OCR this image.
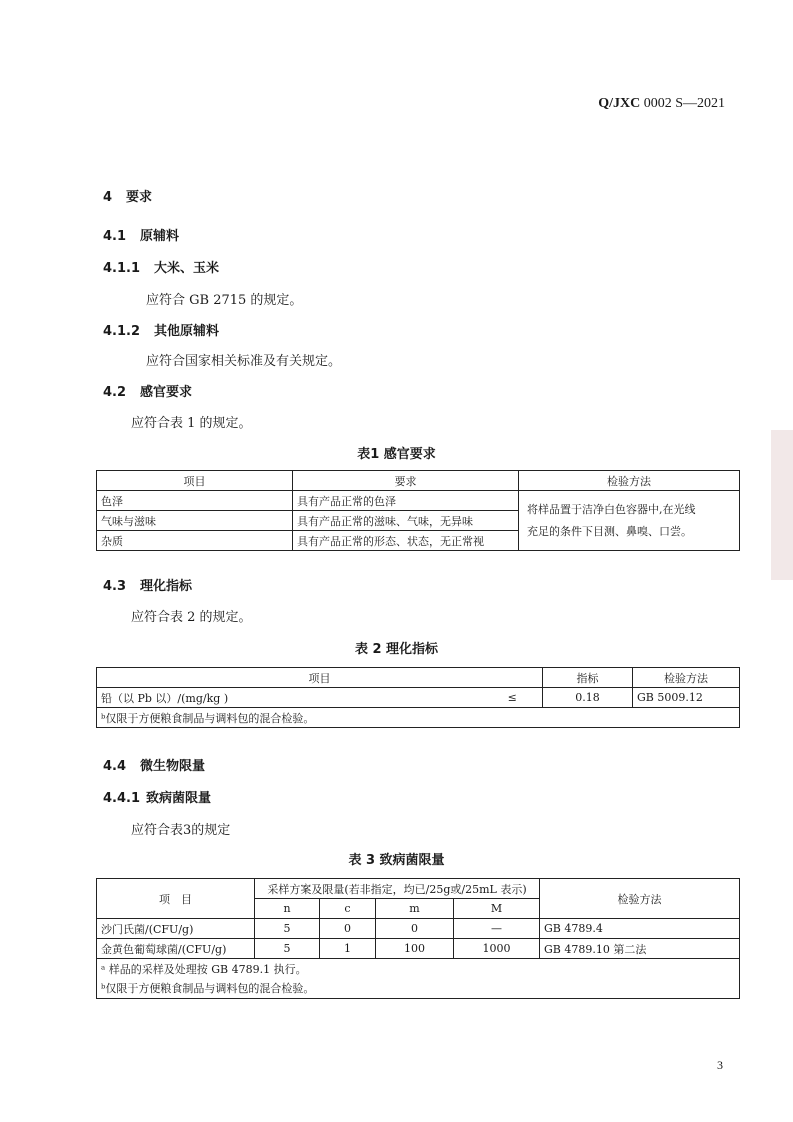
Q/JXC 0002 S—2021
4 要求
4.1 原辅料
4.1.1 大米、玉米
应符合 GB 2715 的规定。
4.1.2 其他原辅料
应符合国家相关标准及有关规定。
4.2 感官要求
应符合表 1 的规定。
表1 感官要求
项目	要求	检验方法
色泽	具有产品正常的色泽	将样品置于洁净白色容器中,在光线
充足的条件下目测、鼻嗅、口尝。

气味与滋味	具有产品正常的滋味、气味，无异味	
杂质	具有产品正常的形态、状态，无正常视	
4.3 理化指标
应符合表 2 的规定。
表 2 理化指标
项目		指标	检验方法
铅（以 Pb 以）/(mg/kg )	≤	0.18	GB 5009.12
ᵇ仅限于方便粮食制品与调料包的混合检验。			
4.4 微生物限量
4.4.1 致病菌限量
应符合表3的规定
表 3 致病菌限量
项　目	采样方案及限量(若非指定，均已/25g或/25mL 表示)				检验方法
	n	c	m	M	
沙门氏菌/(CFU/g)	5	0	0	—	GB 4789.4
金黄色葡萄球菌/(CFU/g)	5	1	100	1000	GB 4789.10 第二法
ᵃ 样品的采样及处理按 GB 4789.1 执行。					
ᵇ仅限于方便粮食制品与调料包的混合检验。					
3
